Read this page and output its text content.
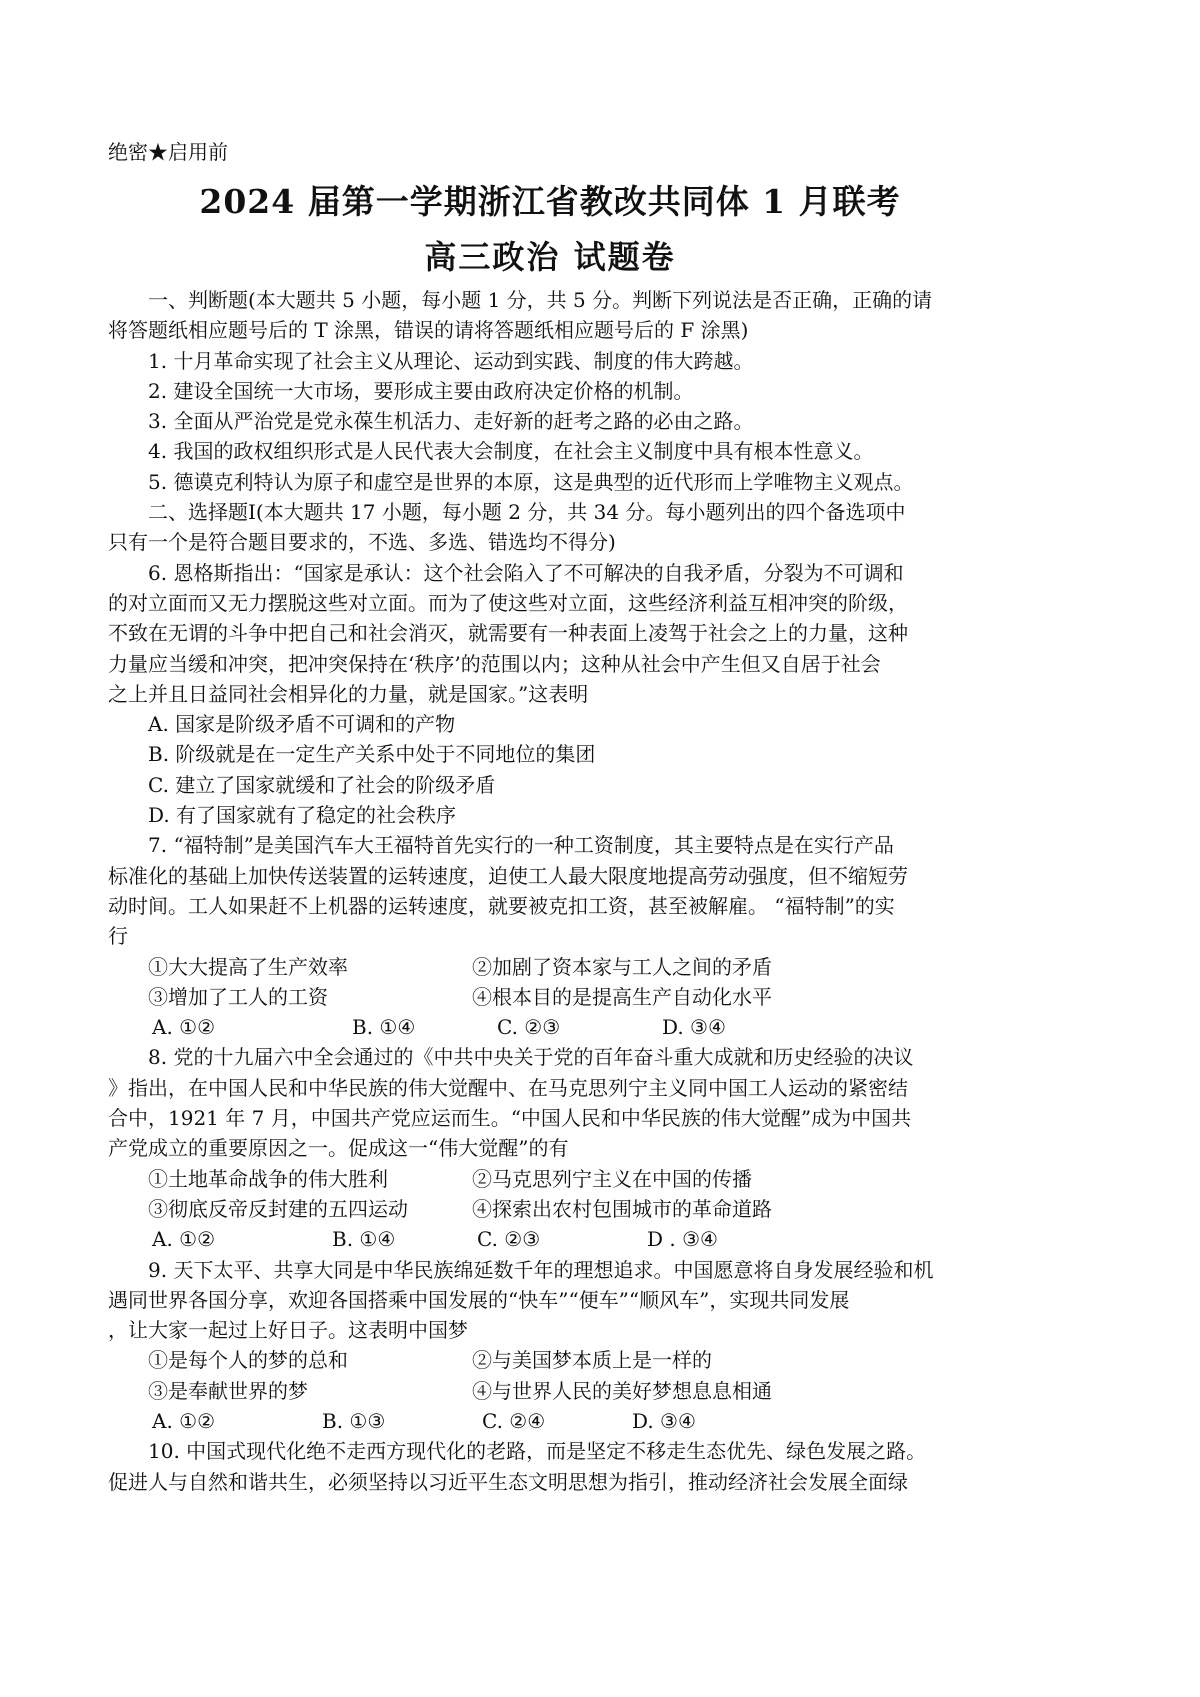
绝密★启用前
2024 届第一学期浙江省教改共同体 1 月联考
高三政治 试题卷

一、判断题(本大题共 5 小题，每小题 1 分，共 5 分。判断下列说法是否正确，正确的请

将答题纸相应题号后的 T 涂黑，错误的请将答题纸相应题号后的 F 涂黑)

1. 十月革命实现了社会主义从理论、运动到实践、制度的伟大跨越。

2. 建设全国统一大市场，要形成主要由政府决定价格的机制。

3. 全面从严治党是党永葆生机活力、走好新的赶考之路的必由之路。

4. 我国的政权组织形式是人民代表大会制度，在社会主义制度中具有根本性意义。

5. 德谟克利特认为原子和虚空是世界的本原，这是典型的近代形而上学唯物主义观点。

二、选择题Ⅰ(本大题共 17 小题，每小题 2 分，共 34 分。每小题列出的四个备选项中

只有一个是符合题目要求的，不选、多选、错选均不得分)

6. 恩格斯指出：“国家是承认：这个社会陷入了不可解决的自我矛盾，分裂为不可调和

的对立面而又无力摆脱这些对立面。而为了使这些对立面，这些经济利益互相冲突的阶级，

不致在无谓的斗争中把自己和社会消灭，就需要有一种表面上凌驾于社会之上的力量，这种

力量应当缓和冲突，把冲突保持在‘秩序’的范围以内；这种从社会中产生但又自居于社会

之上并且日益同社会相异化的力量，就是国家。”这表明

A. 国家是阶级矛盾不可调和的产物

B. 阶级就是在一定生产关系中处于不同地位的集团

C. 建立了国家就缓和了社会的阶级矛盾

D. 有了国家就有了稳定的社会秩序

7. “福特制”是美国汽车大王福特首先实行的一种工资制度，其主要特点是在实行产品

标准化的基础上加快传送装置的运转速度，迫使工人最大限度地提高劳动强度，但不缩短劳

动时间。工人如果赶不上机器的运转速度，就要被克扣工资，甚至被解雇。 “福特制”的实

行

①大大提高了生产效率	②加剧了资本家与工人之间的矛盾
③增加了工人的工资	④根本目的是提高生产自动化水平
A. ①②	B. ①④	C. ②③	D. ③④

8. 党的十九届六中全会通过的《中共中央关于党的百年奋斗重大成就和历史经验的决议

》指出，在中国人民和中华民族的伟大觉醒中、在马克思列宁主义同中国工人运动的紧密结

合中，1921 年 7 月，中国共产党应运而生。“中国人民和中华民族的伟大觉醒”成为中国共

产党成立的重要原因之一。促成这一“伟大觉醒”的有

①土地革命战争的伟大胜利	②马克思列宁主义在中国的传播
③彻底反帝反封建的五四运动	④探索出农村包围城市的革命道路
A. ①②	B. ①④	C. ②③	D . ③④

9. 天下太平、共享大同是中华民族绵延数千年的理想追求。中国愿意将自身发展经验和机

遇同世界各国分享，欢迎各国搭乘中国发展的“快车”“便车”“顺风车”，实现共同发展

，让大家一起过上好日子。这表明中国梦

①是每个人的梦的总和	②与美国梦本质上是一样的
③是奉献世界的梦	④与世界人民的美好梦想息息相通
A. ①②	B. ①③	C. ②④	D. ③④

10. 中国式现代化绝不走西方现代化的老路，而是坚定不移走生态优先、绿色发展之路。

促进人与自然和谐共生，必须坚持以习近平生态文明思想为指引，推动经济社会发展全面绿
